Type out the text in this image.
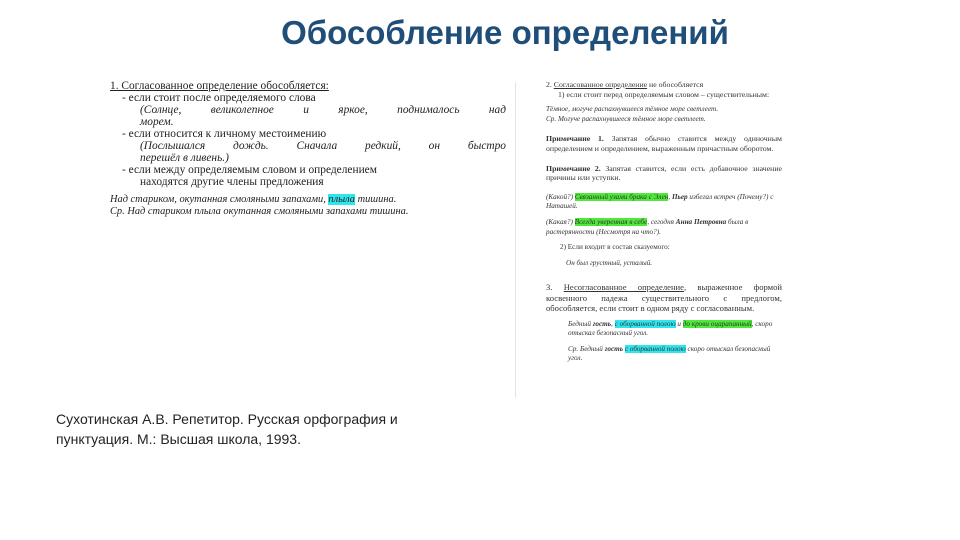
Обособление определений

1. Согласованное определение обособляется:

- если стоит после определяемого слова

(Солнце, великолепное и яркое, поднималось над

морем.

- если относится к личному местоимению

(Послышался дождь. Сначала редкий, он быстро

перешёл в ливень.)

- если между определяемым словом и определением

находятся другие члены предложения

Над стариком, окутанная смоляными запахами, плыла тишина.

Ср. Над стариком плыла окутанная смоляными запахами тишина.

2. Согласованное определение не обособляется

1) если стоит перед определяемым словом – существительным:

Тёмное, могуче распахнувшееся тёмное море светлеет.

Ср. Могуче распахнувшееся тёмное море светлеет.

Примечание 1. Запятая обычно ставится между одиночным определением и определением, выраженным причастным оборотом.

Примечание 2. Запятая ставится, если есть добавочное значение причины или уступки.

(Какой?) Связанный узами брака с Элен, Пьер избегал встреч (Почему?) с Наташей.

(Какая?) Всегда уверенная в себе, сегодня Анна Петровна была в растерянности (Несмотря на что?).

2) Если входит в состав сказуемого:

Он был грустный, усталый.

3. Несогласованное определение, выраженное формой косвенного падежа существительного с предлогом, обособляется, если стоит в одном ряду с согласованным.

Бедный гость, с оборванной полою и до крови оцарапанный, скоро отыскал безопасный угол.

Ср. Бедный гость с оборванной полою скоро отыскал безопасный угол.

Сухотинская А.В. Репетитор. Русская орфография и пунктуация. М.: Высшая школа, 1993.
